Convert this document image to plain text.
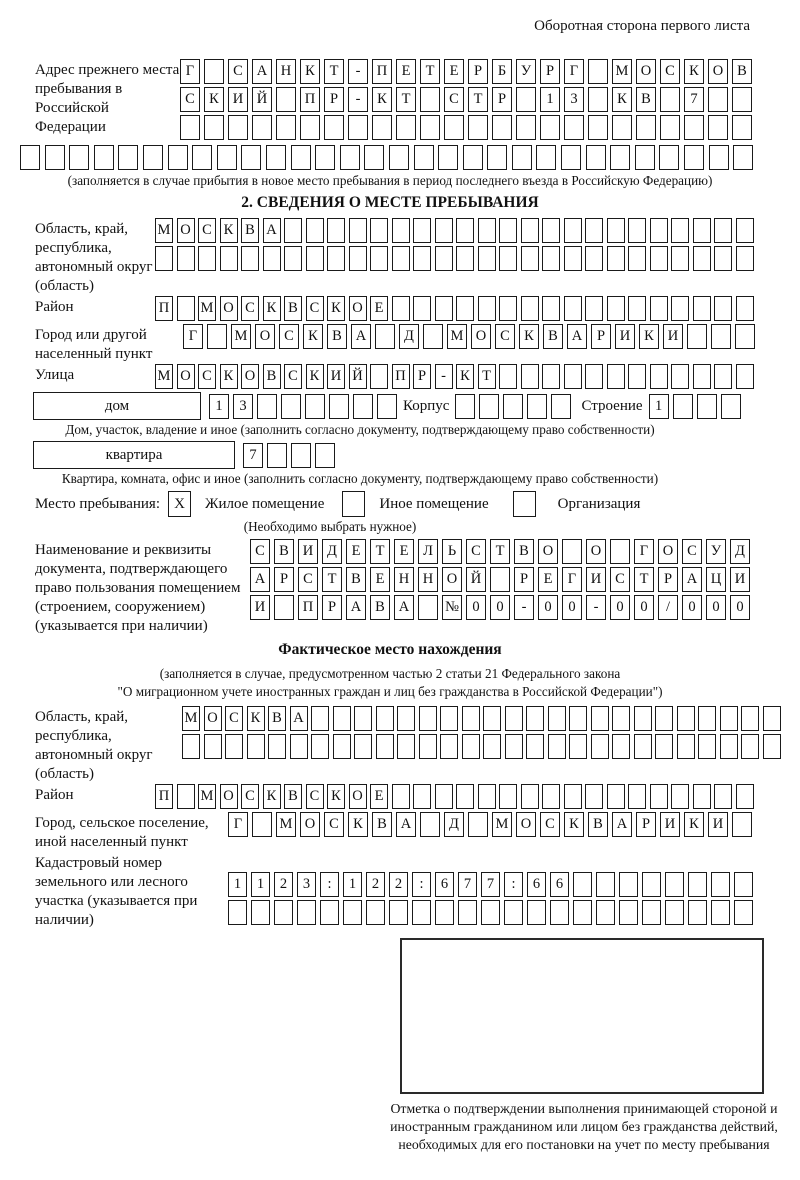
Оборотная сторона первого листа
Адрес прежнего места пребывания в Российской Федерации
Г	С А Н К	Т	-	П Е	Т	Е	Р	Б	У	Р	Г	М О С К О В
С К И Й	П	Р	-	К	Т	С	Т	Р	1	3	К В	7
(заполняется в случае прибытия в новое место пребывания в период последнего въезда в Российскую Федерацию)
2. СВЕДЕНИЯ О МЕСТЕ ПРЕБЫВАНИЯ
Область, край, республика, автономный округ (область)
М О С К В А
Район	П М О С К В С К О Е
Город или другой населенный пункт
Г	М О С К В А	Д	М О С К В А	Р	И К И
Улица	М О С К О В С К И Й П Р	- К Т
дом	1	3	Корпус	Строение 1
Дом, участок, владение и иное (заполнить согласно документу, подтверждающему право собственности)
квартира	7
Квартира, комната, офис и иное (заполнить согласно документу, подтверждающему право собственности)
Место пребывания: X	Жилое помещение	Иное помещение	Организация
(Необходимо выбрать нужное)
Наименование и реквизиты документа, подтверждающего право пользования помещением (строением, сооружением) (указывается при наличии)
С В И Д	Е	Т	Е	Л	Ь	С	Т	В О	О	Г	О С У Д
А	Р	С	Т	В	Е Н Н О Й	Р	Е	Г	И С	Т	Р	А Ц И
И	П	Р	А В А	№ 0	0	-	0	0	-	0	0	/	0	0	0
Фактическое место нахождения
(заполняется в случае, предусмотренном частью 2 статьи 21 Федерального закона
"О миграционном учете иностранных граждан и лиц без гражданства в Российской Федерации")
Область, край, республика, автономный округ (область)
М О С К В А
Район	П М О С К В С К О Е
Город, сельское поселение, иной населенный пункт
Г	М О С К В А	Д	М О С К В А	Р	И К И
Кадастровый номер земельного или лесного участка (указывается при наличии)
1	1	2	3	:	1	2	2	:	6	7	7	:	6	6
Отметка о подтверждении выполнения принимающей стороной и иностранным гражданином или лицом без гражданства действий, необходимых для его постановки на учет по месту пребывания
